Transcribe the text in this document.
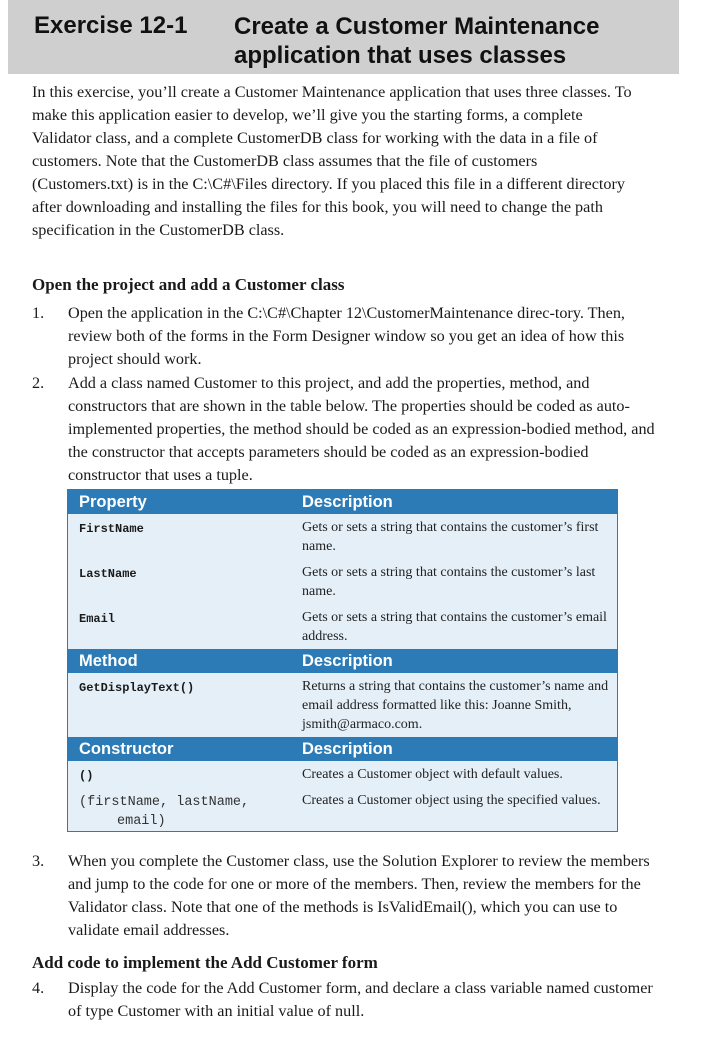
Exercise 12-1 Create a Customer Maintenance application that uses classes

In this exercise, you’ll create a Customer Maintenance application that uses three classes. To make this application easier to develop, we’ll give you the starting forms, a complete Validator class, and a complete CustomerDB class for working with the data in a file of customers. Note that the CustomerDB class assumes that the file of customers (Customers.txt) is in the C:\C#\Files directory. If you placed this file in a different directory after downloading and installing the files for this book, you will need to change the path specification in the CustomerDB class.

Open the project and add a Customer class
1. Open the application in the C:\C#\Chapter 12\CustomerMaintenance direc-tory. Then, review both of the forms in the Form Designer window so you get an idea of how this project should work.
2. Add a class named Customer to this project, and add the properties, method, and constructors that are shown in the table below. The properties should be coded as auto-implemented properties, the method should be coded as an expression-bodied method, and the constructor that accepts parameters should be coded as an expression-bodied constructor that uses a tuple.
Property	Description
FirstName	Gets or sets a string that contains the customer’s first name.
LastName	Gets or sets a string that contains the customer’s last name.
Email	Gets or sets a string that contains the customer’s email address.
Method	Description
GetDisplayText()	Returns a string that contains the customer’s name and email address formatted like this: Joanne Smith, jsmith@armaco.com.
Constructor	Description
()	Creates a Customer object with default values.
(firstName, lastName,
email)	Creates a Customer object using the specified values.
3. When you complete the Customer class, use the Solution Explorer to review the members and jump to the code for one or more of the members. Then, review the members for the Validator class. Note that one of the methods is IsValidEmail(), which you can use to validate email addresses.
Add code to implement the Add Customer form
4. Display the code for the Add Customer form, and declare a class variable named customer of type Customer with an initial value of null.
